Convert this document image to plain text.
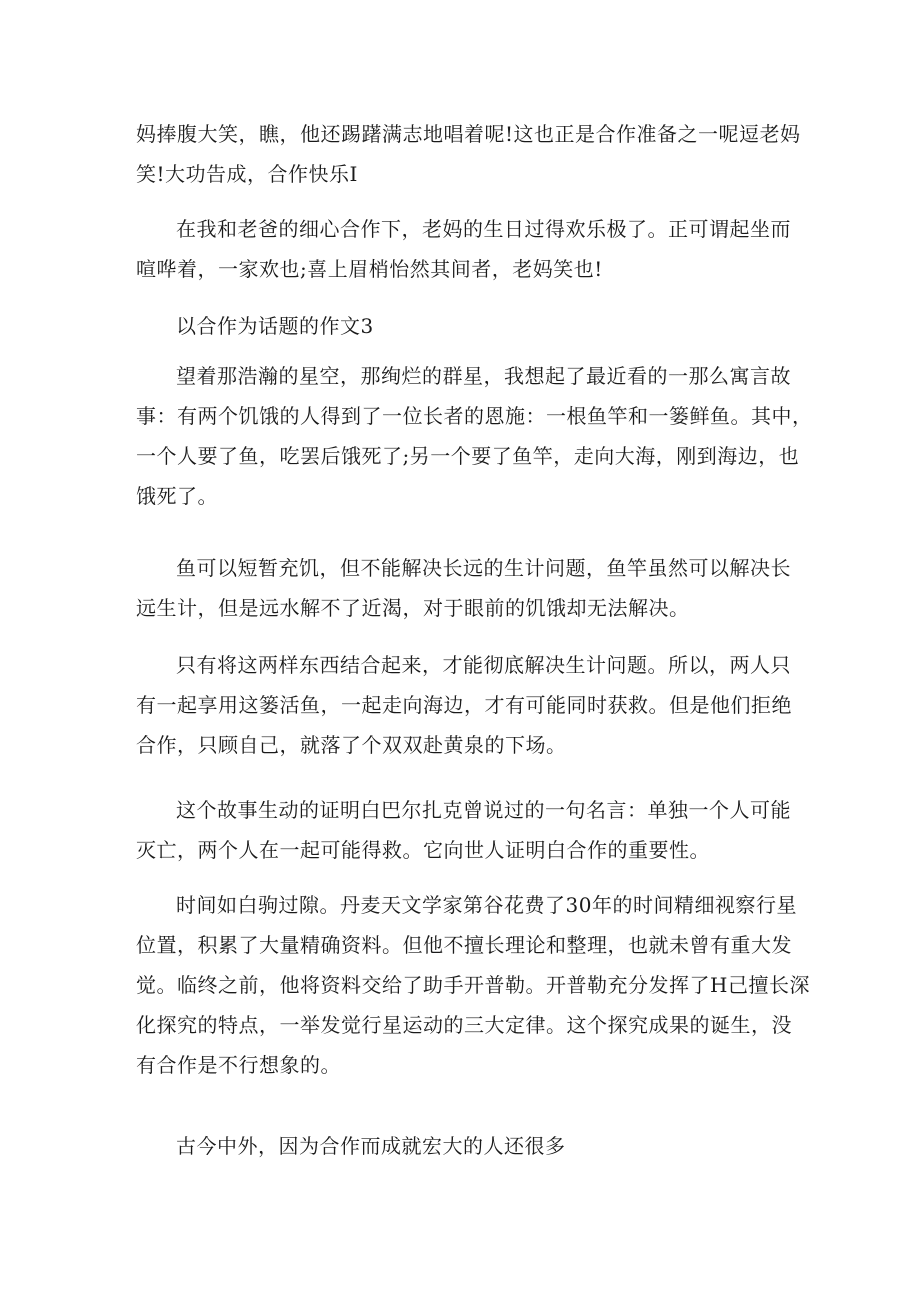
妈捧腹大笑，瞧，他还踢躇满志地唱着呢!这也正是合作准备之一呢逗老妈
笑!大功告成，合作快乐I

在我和老爸的细心合作下，老妈的生日过得欢乐极了。正可谓起坐而
喧哗着，一家欢也;喜上眉梢怡然其间者，老妈笑也!

以合作为话题的作文3

望着那浩瀚的星空，那绚烂的群星，我想起了最近看的一那么寓言故
事：有两个饥饿的人得到了一位长者的恩施：一根鱼竿和一篓鲜鱼。其中，
一个人要了鱼，吃罢后饿死了;另一个要了鱼竿，走向大海，刚到海边，也
饿死了。

鱼可以短暂充饥，但不能解决长远的生计问题，鱼竿虽然可以解决长
远生计，但是远水解不了近渴，对于眼前的饥饿却无法解决。

只有将这两样东西结合起来，才能彻底解决生计问题。所以，两人只
有一起享用这篓活鱼，一起走向海边，才有可能同时获救。但是他们拒绝
合作，只顾自己，就落了个双双赴黄泉的下场。

这个故事生动的证明白巴尔扎克曾说过的一句名言：单独一个人可能
灭亡，两个人在一起可能得救。它向世人证明白合作的重要性。

时间如白驹过隙。丹麦天文学家第谷花费了30年的时间精细视察行星
位置，积累了大量精确资料。但他不擅长理论和整理，也就未曾有重大发
觉。临终之前，他将资料交给了助手开普勒。开普勒充分发挥了H己擅长深
化探究的特点，一举发觉行星运动的三大定律。这个探究成果的诞生，没
有合作是不行想象的。

古今中外，因为合作而成就宏大的人还很多
